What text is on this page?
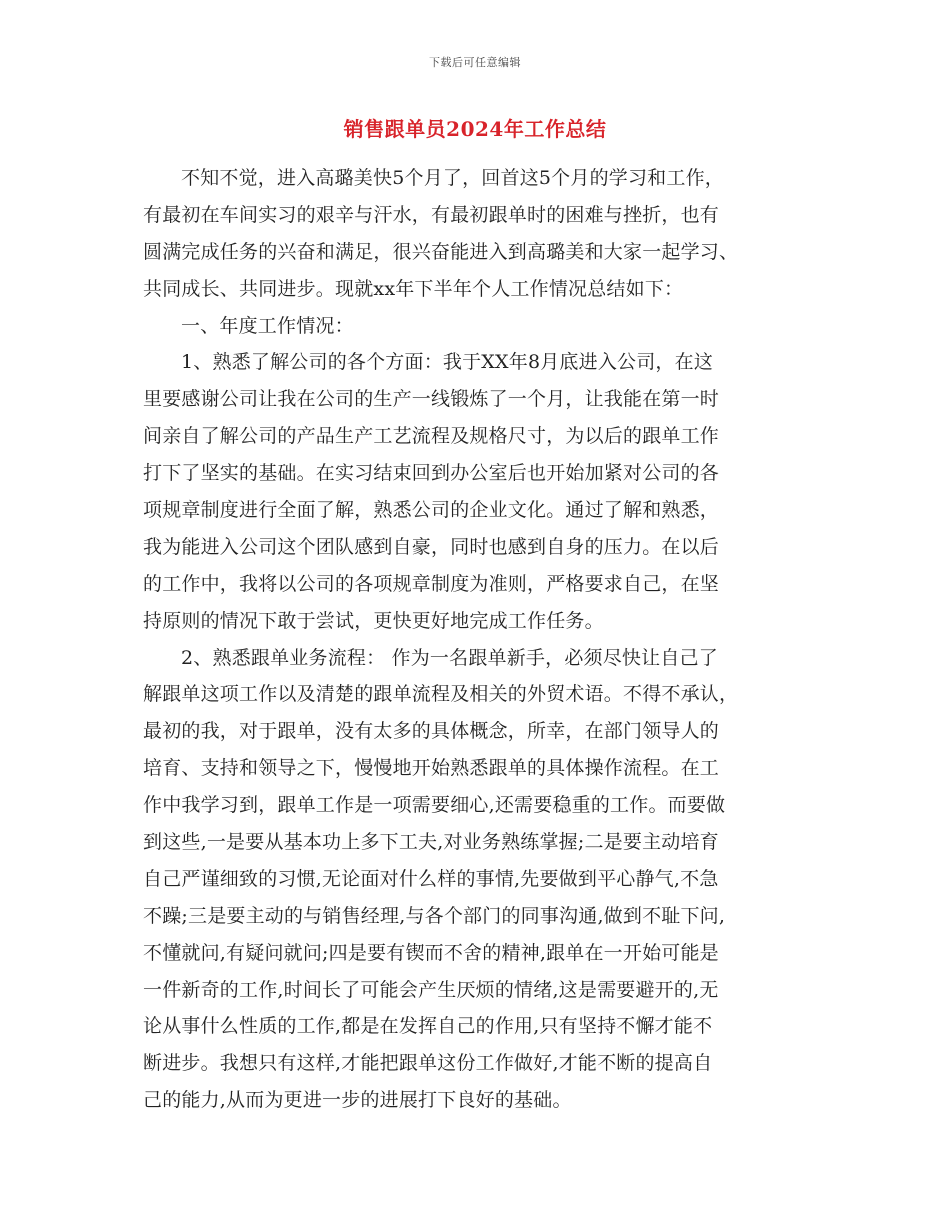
下载后可任意编辑
销售跟单员2024年工作总结
不知不觉，进入高璐美快5个月了，回首这5个月的学习和工作，
有最初在车间实习的艰辛与汗水，有最初跟单时的困难与挫折，也有
圆满完成任务的兴奋和满足，很兴奋能进入到高璐美和大家一起学习、
共同成长、共同进步。现就xx年下半年个人工作情况总结如下：
一、年度工作情况：
1、熟悉了解公司的各个方面：我于XX年8月底进入公司，在这
里要感谢公司让我在公司的生产一线锻炼了一个月，让我能在第一时
间亲自了解公司的产品生产工艺流程及规格尺寸，为以后的跟单工作
打下了坚实的基础。在实习结束回到办公室后也开始加紧对公司的各
项规章制度进行全面了解，熟悉公司的企业文化。通过了解和熟悉，
我为能进入公司这个团队感到自豪，同时也感到自身的压力。在以后
的工作中，我将以公司的各项规章制度为准则，严格要求自己，在坚
持原则的情况下敢于尝试，更快更好地完成工作任务。
2、熟悉跟单业务流程： 作为一名跟单新手，必须尽快让自己了
解跟单这项工作以及清楚的跟单流程及相关的外贸术语。不得不承认，
最初的我，对于跟单，没有太多的具体概念，所幸，在部门领导人的
培育、支持和领导之下，慢慢地开始熟悉跟单的具体操作流程。在工
作中我学习到，跟单工作是一项需要细心,还需要稳重的工作。而要做
到这些,一是要从基本功上多下工夫,对业务熟练掌握;二是要主动培育
自己严谨细致的习惯,无论面对什么样的事情,先要做到平心静气,不急
不躁;三是要主动的与销售经理,与各个部门的同事沟通,做到不耻下问,
不懂就问,有疑问就问;四是要有锲而不舍的精神,跟单在一开始可能是
一件新奇的工作,时间长了可能会产生厌烦的情绪,这是需要避开的,无
论从事什么性质的工作,都是在发挥自己的作用,只有坚持不懈才能不
断进步。我想只有这样,才能把跟单这份工作做好,才能不断的提高自
己的能力,从而为更进一步的进展打下良好的基础。
